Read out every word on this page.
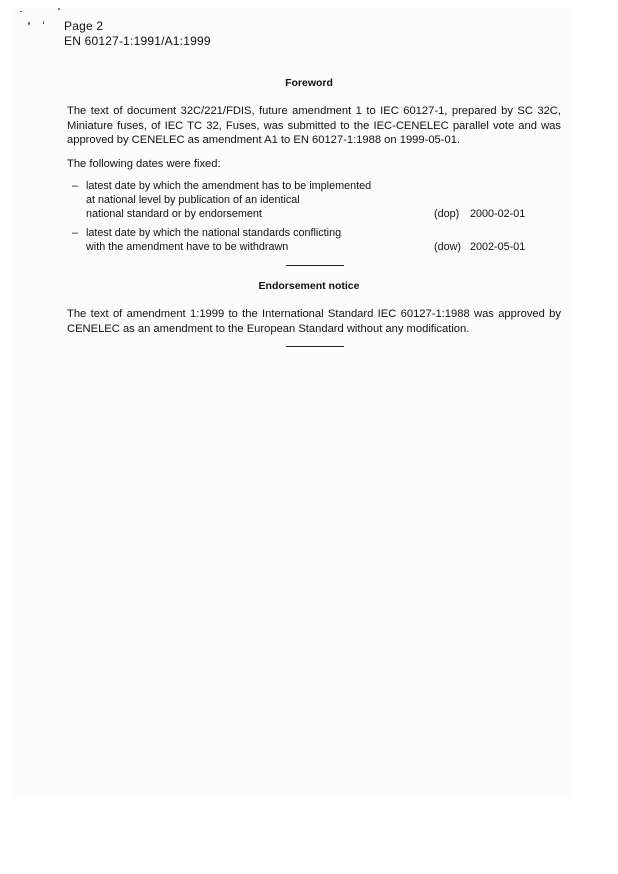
Page 2
EN 60127-1:1991/A1:1999
Foreword
The text of document 32C/221/FDIS, future amendment 1 to IEC 60127-1, prepared by SC 32C, Miniature fuses, of IEC TC 32, Fuses, was submitted to the IEC-CENELEC parallel vote and was approved by CENELEC as amendment A1 to EN 60127-1:1988 on 1999-05-01.
The following dates were fixed:
– latest date by which the amendment has to be implemented
at national level by publication of an identical
national standard or by endorsement	(dop) 2000-02-01
– latest date by which the national standards conflicting
with the amendment have to be withdrawn	(dow) 2002-05-01
Endorsement notice
The text of amendment 1:1999 to the International Standard IEC 60127-1:1988 was approved by CENELEC as an amendment to the European Standard without any modification.
